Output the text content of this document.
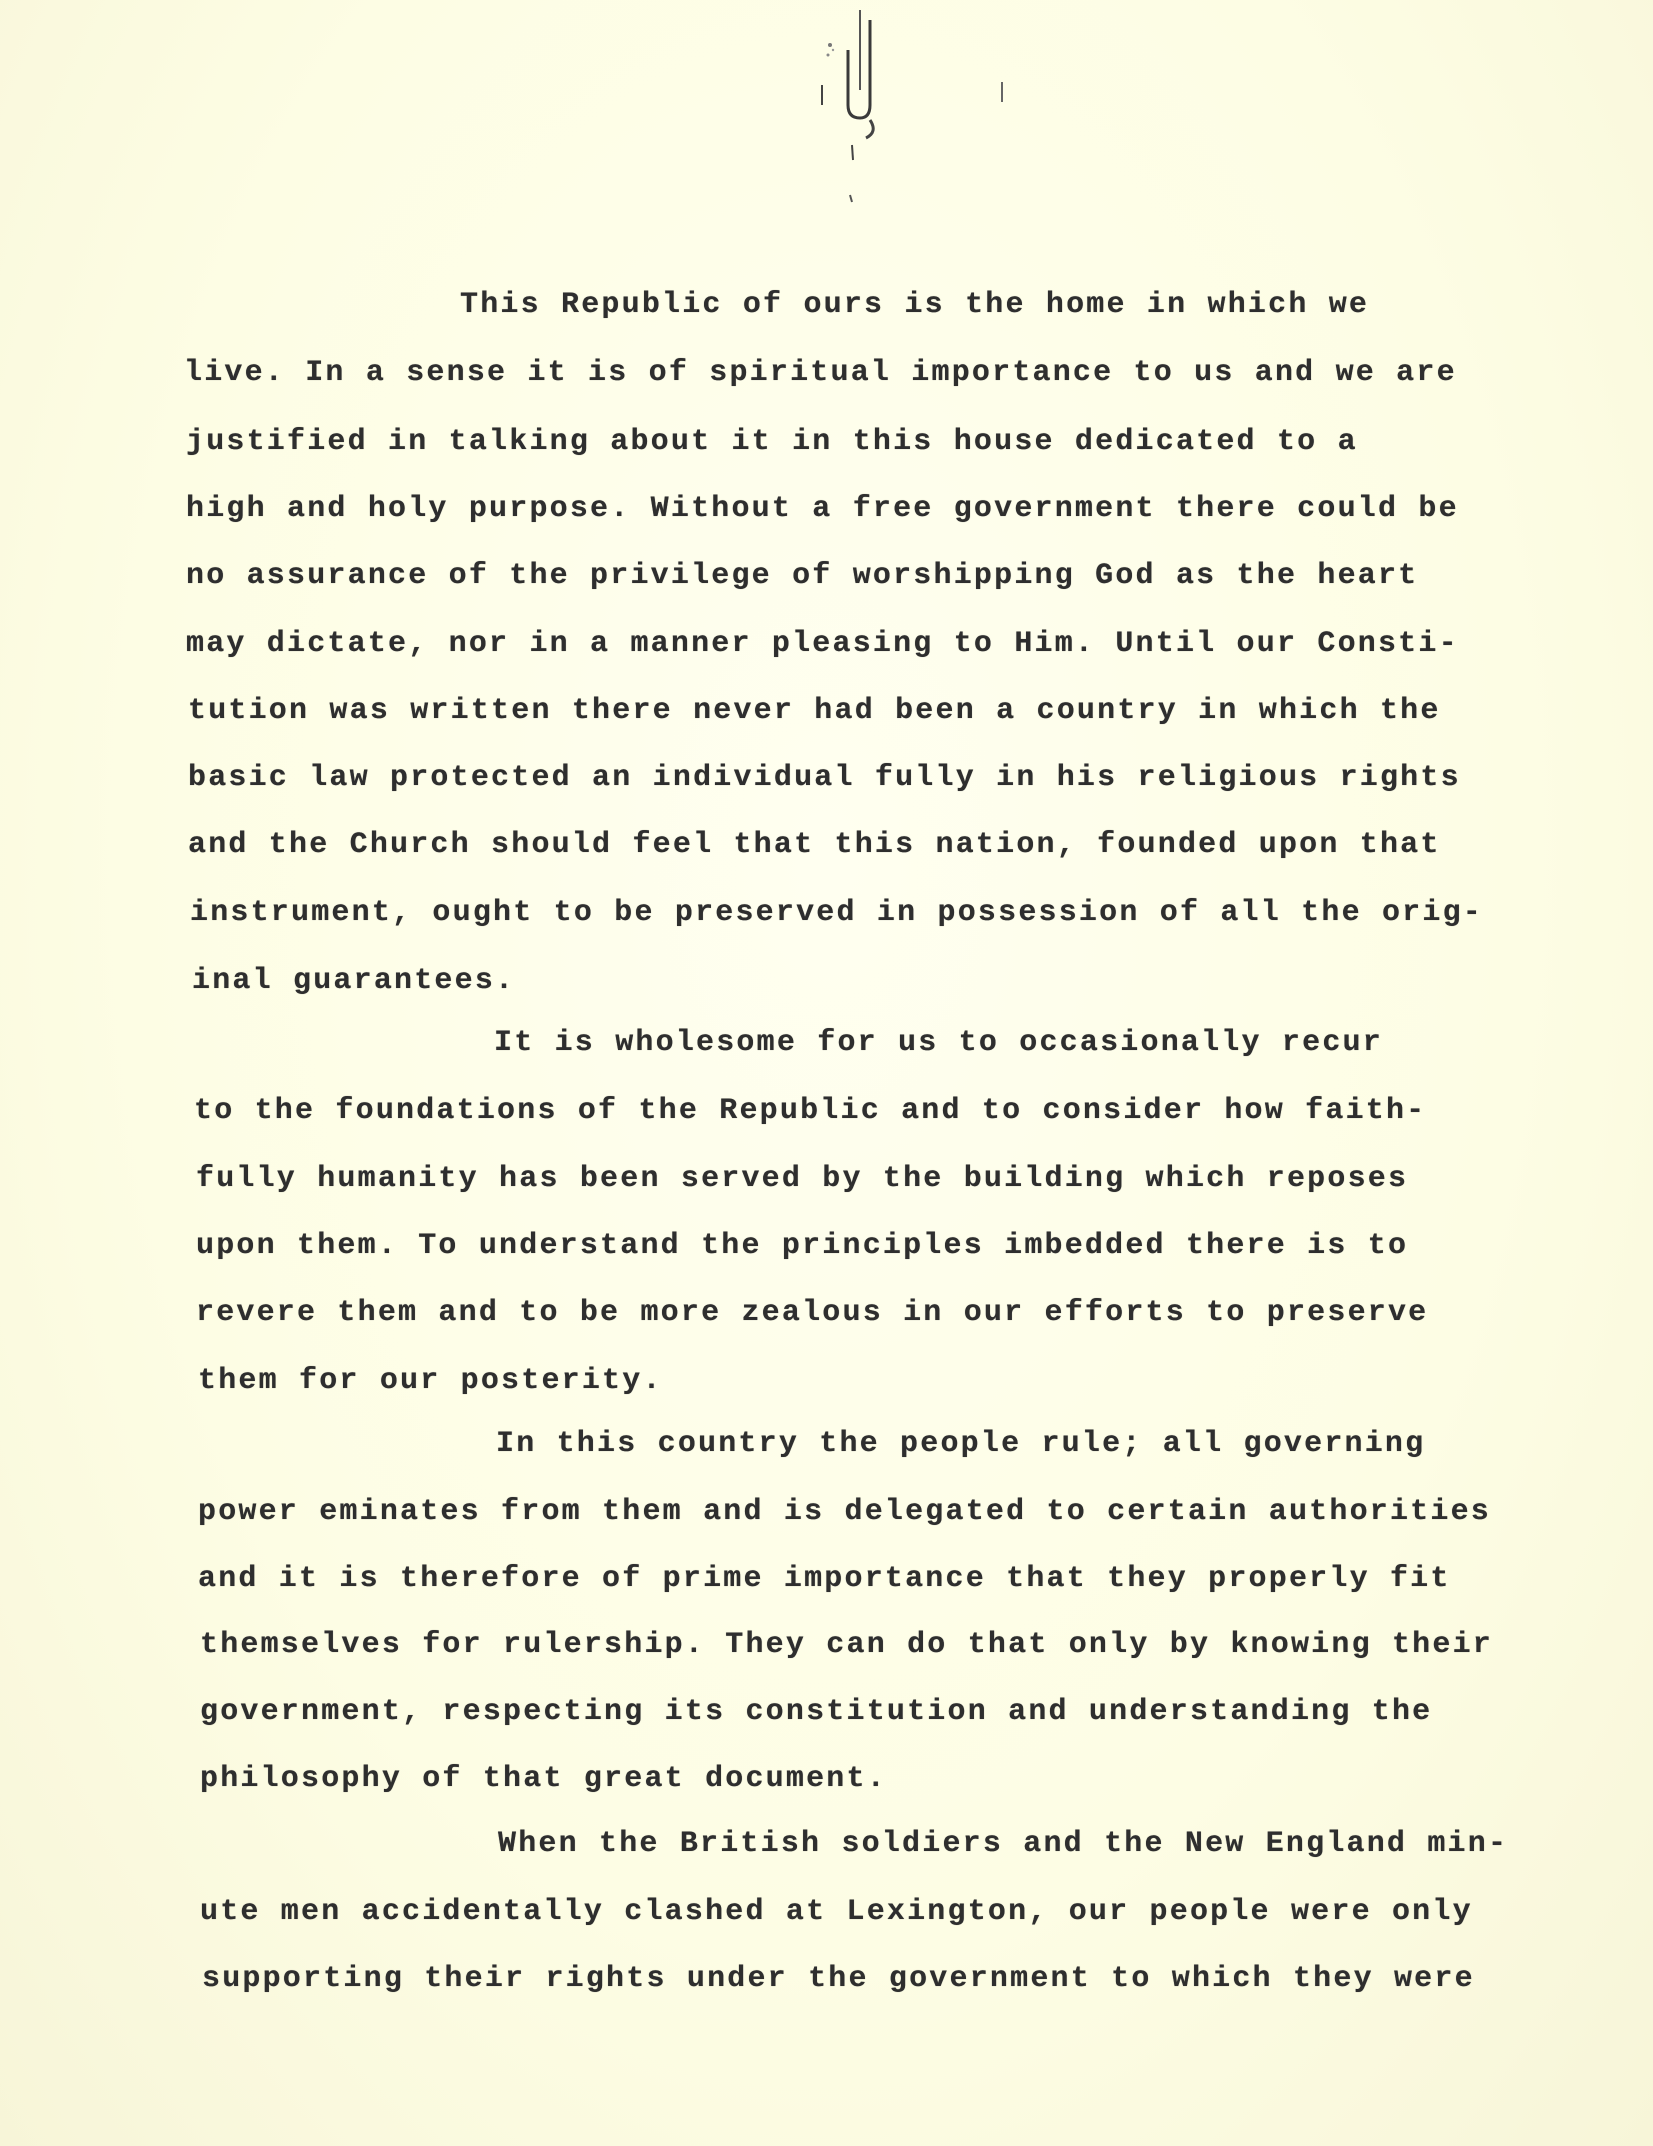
This Republic of ours is the home in which we
live. In a sense it is of spiritual importance to us and we are
justified in talking about it in this house dedicated to a
high and holy purpose. Without a free government there could be
no assurance of the privilege of worshipping God as the heart
may dictate, nor in a manner pleasing to Him. Until our Consti-
tution was written there never had been a country in which the
basic law protected an individual fully in his religious rights
and the Church should feel that this nation, founded upon that
instrument, ought to be preserved in possession of all the orig-
inal guarantees.
It is wholesome for us to occasionally recur
to the foundations of the Republic and to consider how faith-
fully humanity has been served by the building which reposes
upon them. To understand the principles imbedded there is to
revere them and to be more zealous in our efforts to preserve
them for our posterity.
In this country the people rule; all governing
power eminates from them and is delegated to certain authorities
and it is therefore of prime importance that they properly fit
themselves for rulership. They can do that only by knowing their
government, respecting its constitution and understanding the
philosophy of that great document.
When the British soldiers and the New England min-
ute men accidentally clashed at Lexington, our people were only
supporting their rights under the government to which they were
